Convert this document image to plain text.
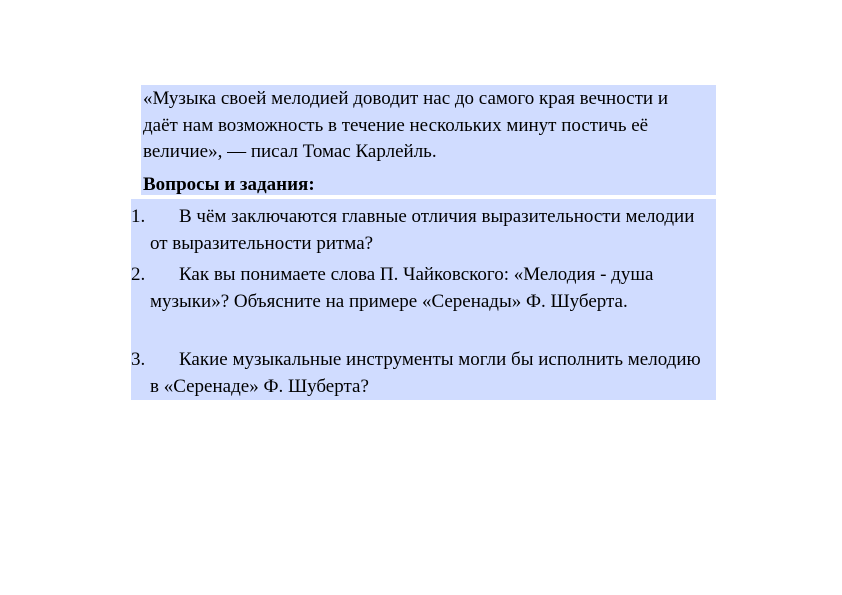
«Музыка своей мелодией доводит нас до самого края вечности и даёт нам возможность в течение нескольких минут постичь её величие», — писал Томас Карлейль.

Вопросы и задания:

1.	В чём заключаются главные отличия выразительности мелодии от выразительности ритма?
2.	Как вы понимаете слова П. Чайковского: «Мелодия - душа музыки»? Объясните на примере «Серенады» Ф. Шуберта.
3.	Какие музыкальные инструменты могли бы исполнить мелодию в «Серенаде» Ф. Шуберта?
